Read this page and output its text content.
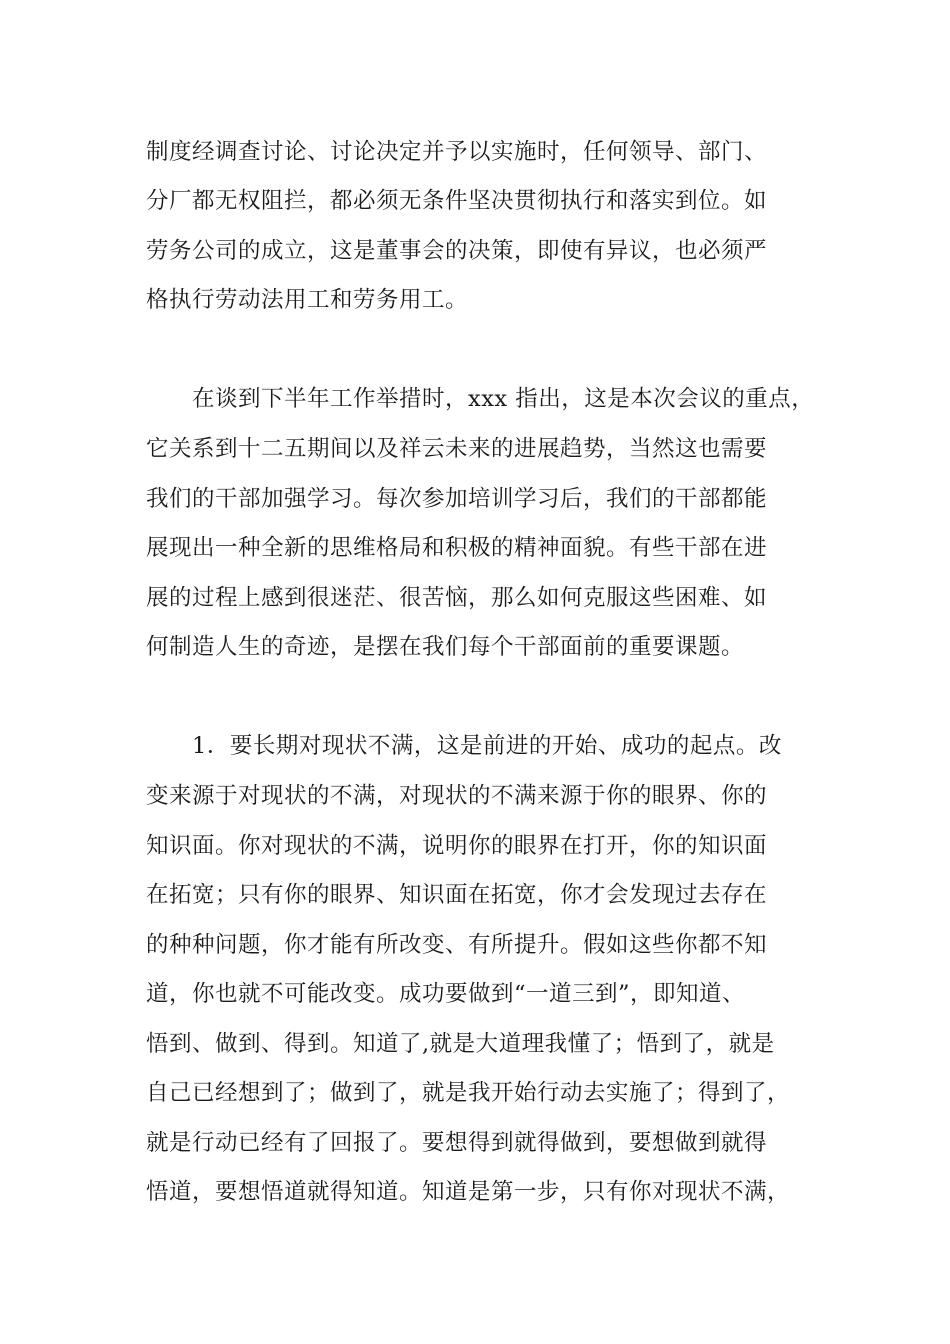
制度经调查讨论、讨论决定并予以实施时，任何领导、部门、
分厂都无权阻拦，都必须无条件坚决贯彻执行和落实到位。如
劳务公司的成立，这是董事会的决策，即使有异议，也必须严
格执行劳动法用工和劳务用工。
在谈到下半年工作举措时，xxx 指出，这是本次会议的重点，
它关系到十二五期间以及祥云未来的进展趋势，当然这也需要
我们的干部加强学习。每次参加培训学习后，我们的干部都能
展现出一种全新的思维格局和积极的精神面貌。有些干部在进
展的过程上感到很迷茫、很苦恼，那么如何克服这些困难、如
何制造人生的奇迹，是摆在我们每个干部面前的重要课题。
1．要长期对现状不满，这是前进的开始、成功的起点。改
变来源于对现状的不满，对现状的不满来源于你的眼界、你的
知识面。你对现状的不满，说明你的眼界在打开，你的知识面
在拓宽；只有你的眼界、知识面在拓宽，你才会发现过去存在
的种种问题，你才能有所改变、有所提升。假如这些你都不知
道，你也就不可能改变。成功要做到“一道三到”，即知道、
悟到、做到、得到。知道了,就是大道理我懂了；悟到了，就是
自己已经想到了；做到了，就是我开始行动去实施了；得到了，
就是行动已经有了回报了。要想得到就得做到，要想做到就得
悟道，要想悟道就得知道。知道是第一步，只有你对现状不满，
